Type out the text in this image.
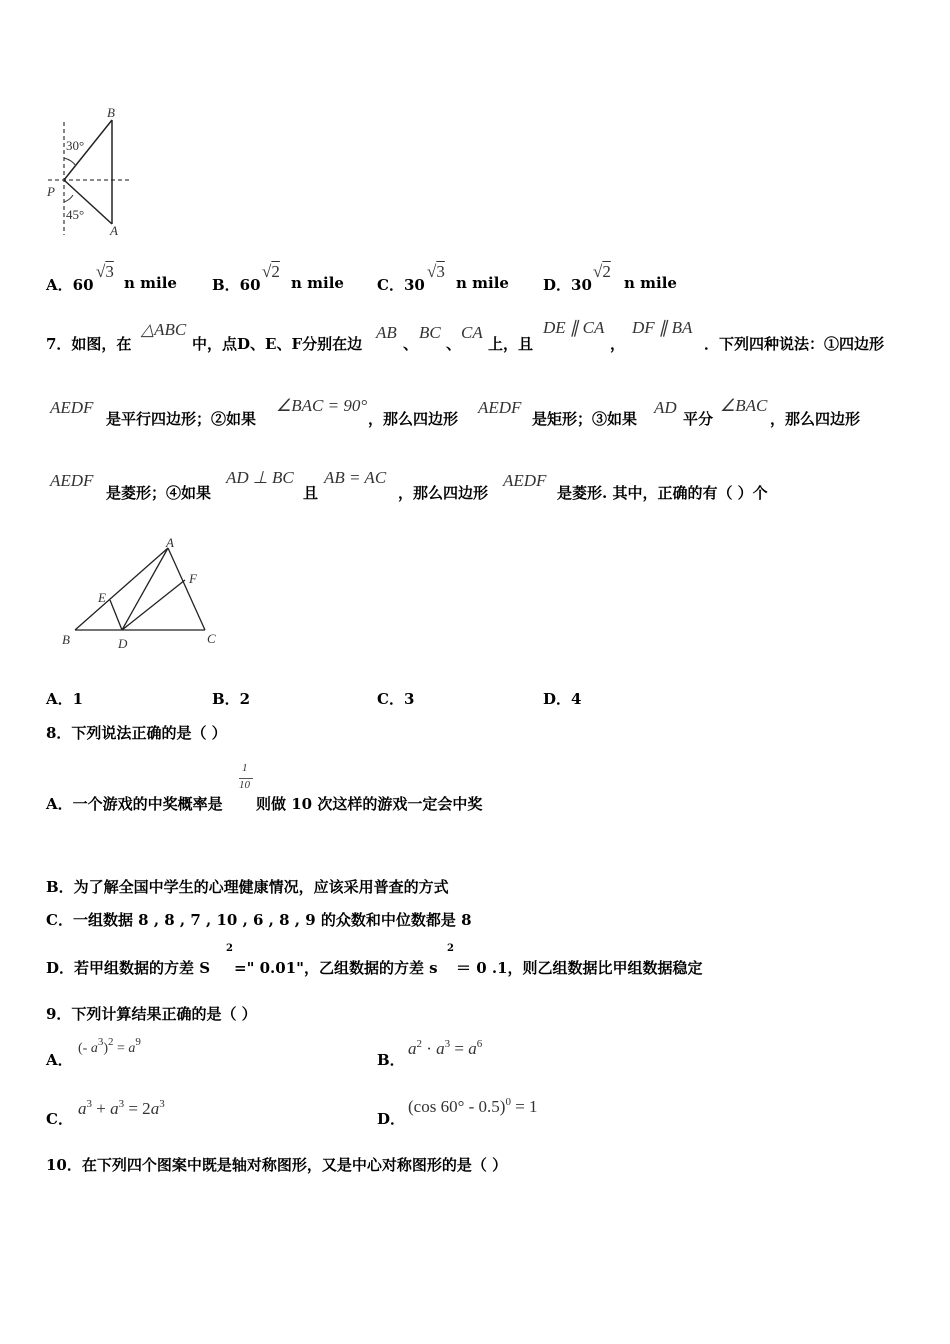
B
P
A
30°
45°
A．60
√3
n mile B．60
√2
n mile C．30
√3
n mile D．30
√2
n mile
7．如图，在
△ABC
中，点D、E、F分别在边
AB
、
BC
、
CA
上，且
DE ∥ CA
，
DF ∥ BA
．下列四种说法：①四边形
AEDF
是平行四边形；②如果
∠BAC = 90°
，那么四边形
AEDF
是矩形；③如果
AD
平分
∠BAC
，那么四边形
AEDF
是菱形；④如果
AD ⊥ BC
且
AB = AC
，那么四边形
AEDF
是菱形. 其中，正确的有（ ）个
A
F
E
B	D	C
A．1	B．2	C．3	D．4
8．下列说法正确的是（ ）
A．一个游戏的中奖概率是
1
10
则做 10 次这样的游戏一定会中奖
B．为了解全国中学生的心理健康情况，应该采用普查的方式
C．一组数据 8 , 8 , 7 , 10 , 6 , 8 , 9 的众数和中位数都是 8
D．若甲组数据的方差 S
2
=" 0.01"，乙组数据的方差 s
2
＝ 0 .1，则乙组数据比甲组数据稳定
9．下列计算结果正确的是（ ）
A．
(- $a^3)^2 = a^9$
B．
$a^2 \cdot a^3 = a^6$
C．
$a^3 + a^3 = 2a^3$
D．
(cos 60° - 0.5)$^0$ = 1
10．在下列四个图案中既是轴对称图形，又是中心对称图形的是（ ）
